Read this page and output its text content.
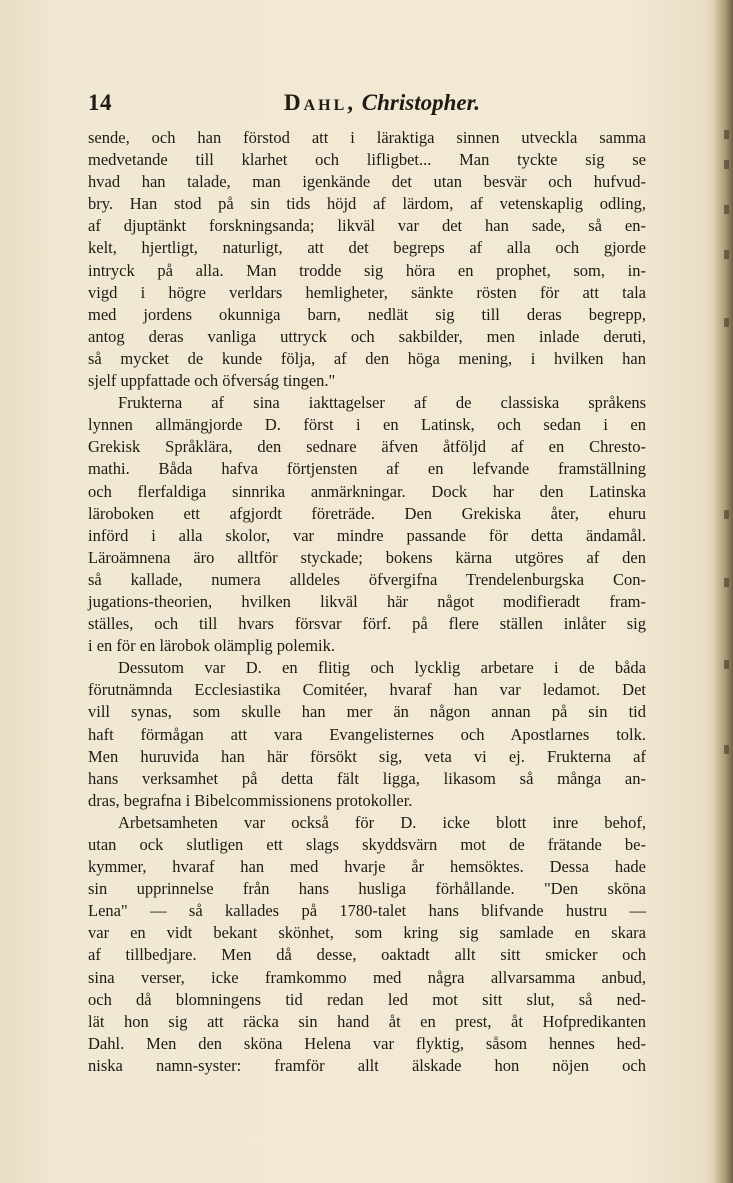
14	Dahl, Christopher.
sende, och han förstod att i läraktiga sinnen utveckla samma
medvetande till klarhet och lifligbet... Man tyckte sig se
hvad han talade, man igenkände det utan besvär och hufvud-
bry. Han stod på sin tids höjd af lärdom, af vetenskaplig odling,
af djuptänkt forskningsanda; likväl var det han sade, så en-
kelt, hjertligt, naturligt, att det begreps af alla och gjorde
intryck på alla. Man trodde sig höra en prophet, som, in-
vigd i högre verldars hemligheter, sänkte rösten för att tala
med jordens okunniga barn, nedlät sig till deras begrepp,
antog deras vanliga uttryck och sakbilder, men inlade deruti,
så mycket de kunde följa, af den höga mening, i hvilken han
sjelf uppfattade och öfverság tingen."
Frukterna af sina iakttagelser af de classiska språkens
lynnen allmängjorde D. först i en Latinsk, och sedan i en
Grekisk Språklära, den sednare äfven åtföljd af en Chresto-
mathi. Båda hafva förtjensten af en lefvande framställning
och flerfaldiga sinnrika anmärkningar. Dock har den Latinska
läroboken ett afgjordt företräde. Den Grekiska åter, ehuru
införd i alla skolor, var mindre passande för detta ändamål.
Läroämnena äro alltför styckade; bokens kärna utgöres af den
så kallade, numera alldeles öfvergifna Trendelenburgska Con-
jugations-theorien, hvilken likväl här något modifieradt fram-
ställes, och till hvars försvar förf. på flere ställen inlåter sig
i en för en lärobok olämplig polemik.
Dessutom var D. en flitig och lycklig arbetare i de båda
förutnämnda Ecclesiastika Comitéer, hvaraf han var ledamot. Det
vill synas, som skulle han mer än någon annan på sin tid
haft förmågan att vara Evangelisternes och Apostlarnes tolk.
Men huruvida han här försökt sig, veta vi ej. Frukterna af
hans verksamhet på detta fält ligga, likasom så många an-
dras, begrafna i Bibelcommissionens protokoller.
Arbetsamheten var också för D. icke blott inre behof,
utan ock slutligen ett slags skyddsvärn mot de frätande be-
kymmer, hvaraf han med hvarje år hemsöktes. Dessa hade
sin upprinnelse från hans husliga förhållande. "Den sköna
Lena" — så kallades på 1780-talet hans blifvande hustru —
var en vidt bekant skönhet, som kring sig samlade en skara
af tillbedjare. Men då desse, oaktadt allt sitt smicker och
sina verser, icke framkommo med några allvarsamma anbud,
och då blomningens tid redan led mot sitt slut, så ned-
lät hon sig att räcka sin hand åt en prest, åt Hofpredikanten
Dahl. Men den sköna Helena var flyktig, såsom hennes hed-
niska namn-syster: framför allt älskade hon nöjen och
